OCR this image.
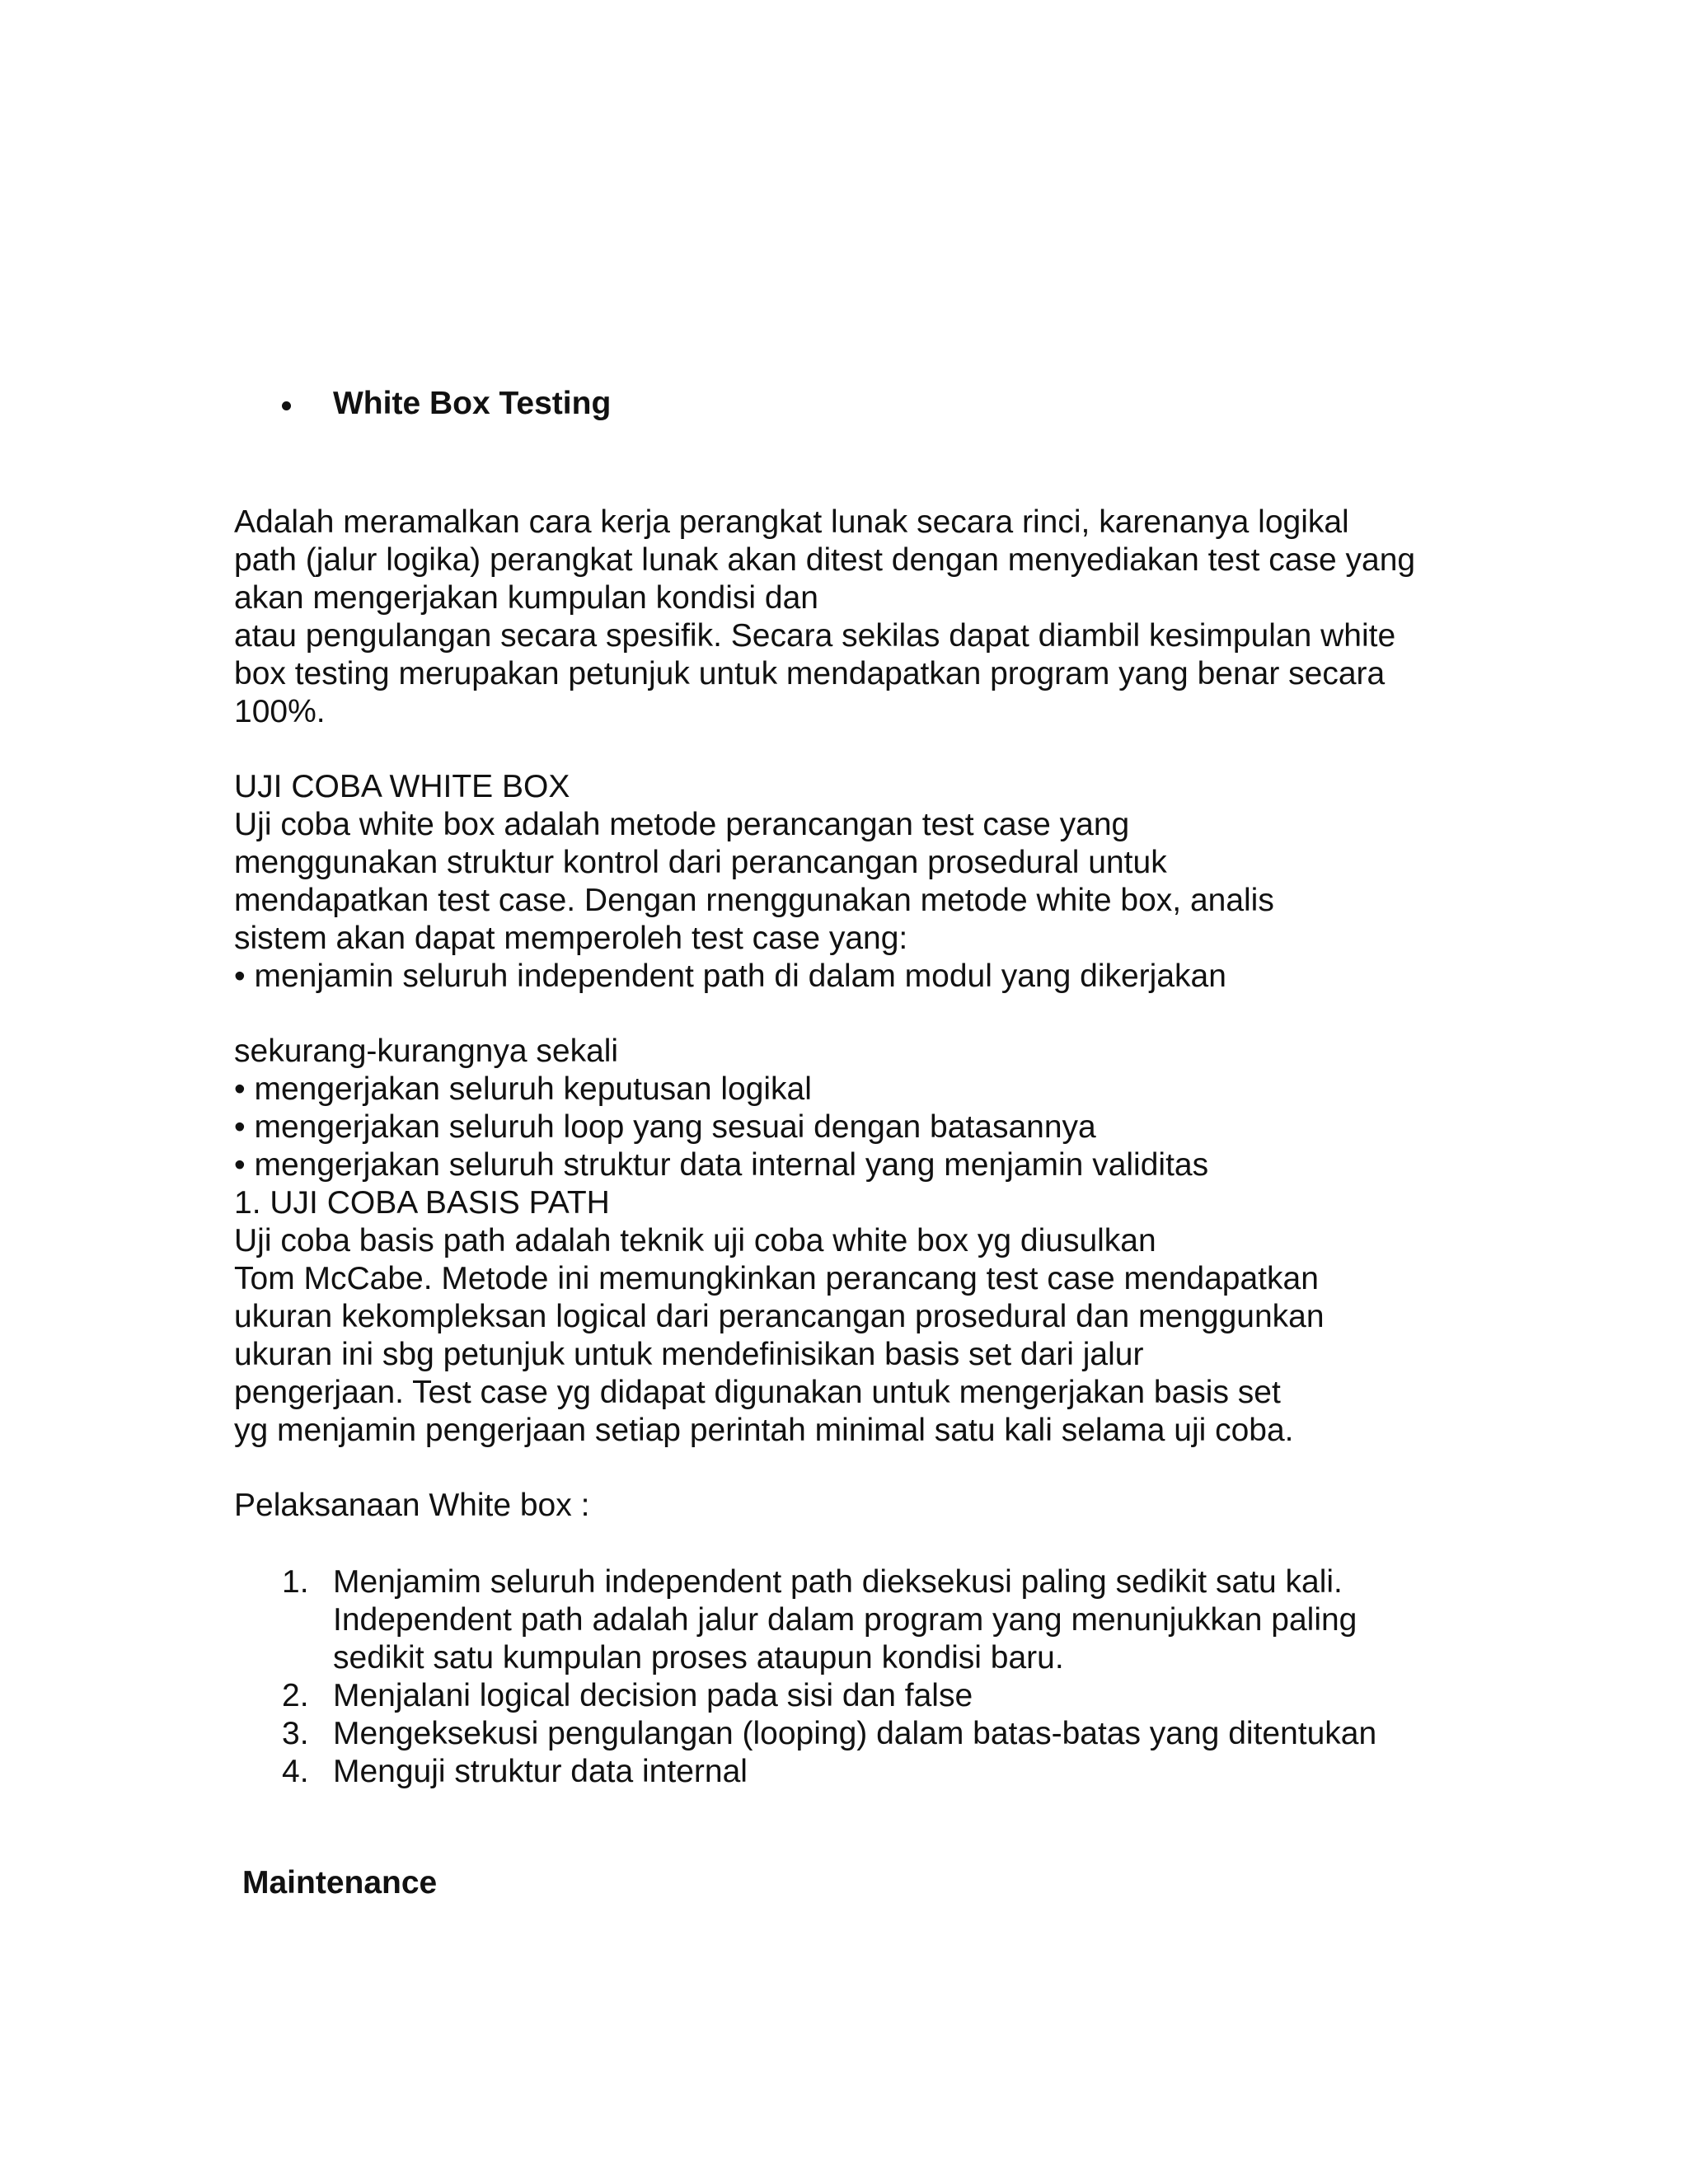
White Box Testing

Adalah meramalkan cara kerja perangkat lunak secara rinci, karenanya logikal

path (jalur logika) perangkat lunak akan ditest dengan menyediakan test case yang

akan mengerjakan kumpulan kondisi dan

atau pengulangan secara spesifik. Secara sekilas dapat diambil kesimpulan white

box testing merupakan petunjuk untuk mendapatkan program yang benar secara

100%.

UJI COBA WHITE BOX

Uji coba white box adalah metode perancangan test case yang

menggunakan struktur kontrol dari perancangan prosedural untuk

mendapatkan test case. Dengan rnenggunakan metode white box, analis

sistem akan dapat memperoleh test case yang:

• menjamin seluruh independent path di dalam modul yang dikerjakan

sekurang-kurangnya sekali

• mengerjakan seluruh keputusan logikal

• mengerjakan seluruh loop yang sesuai dengan batasannya

• mengerjakan seluruh struktur data internal yang menjamin validitas

1. UJI COBA BASIS PATH

Uji coba basis path adalah teknik uji coba white box yg diusulkan

Tom McCabe. Metode ini memungkinkan perancang test case mendapatkan

ukuran kekompleksan logical dari perancangan prosedural dan menggunkan

ukuran ini sbg petunjuk untuk mendefinisikan basis set dari jalur

pengerjaan. Test case yg didapat digunakan untuk mengerjakan basis set

yg menjamin pengerjaan setiap perintah minimal satu kali selama uji coba.

Pelaksanaan White box :

1. Menjamim seluruh independent path dieksekusi paling sedikit satu kali.

Independent path adalah jalur dalam program yang menunjukkan paling

sedikit satu kumpulan proses ataupun kondisi baru.

2. Menjalani logical decision pada sisi dan false

3. Mengeksekusi pengulangan (looping) dalam batas-batas yang ditentukan

4. Menguji struktur data internal

Maintenance
